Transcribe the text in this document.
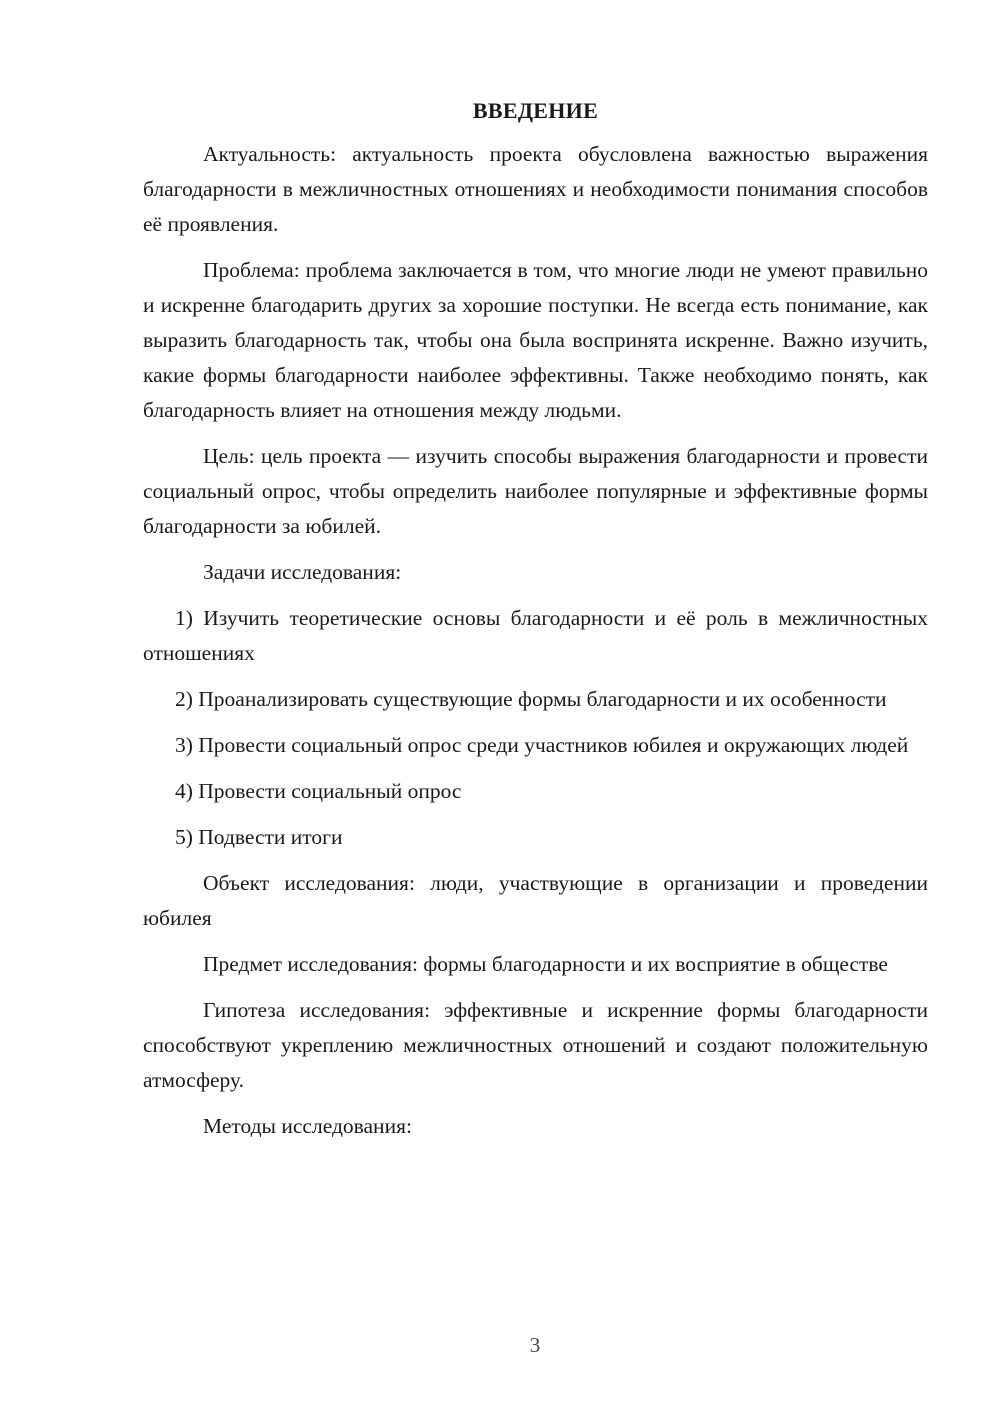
ВВЕДЕНИЕ

Актуальность: актуальность проекта обусловлена важностью выражения благодарности в межличностных отношениях и необходимости понимания способов её проявления.

Проблема: проблема заключается в том, что многие люди не умеют правильно и искренне благодарить других за хорошие поступки. Не всегда есть понимание, как выразить благодарность так, чтобы она была воспринята искренне. Важно изучить, какие формы благодарности наиболее эффективны. Также необходимо понять, как благодарность влияет на отношения между людьми.

Цель: цель проекта — изучить способы выражения благодарности и провести социальный опрос, чтобы определить наиболее популярные и эффективные формы благодарности за юбилей.

Задачи исследования:

1) Изучить теоретические основы благодарности и её роль в межличностных отношениях

2) Проанализировать существующие формы благодарности и их особенности

3) Провести социальный опрос среди участников юбилея и окружающих людей

4) Провести социальный опрос

5) Подвести итоги

Объект исследования: люди, участвующие в организации и проведении юбилея

Предмет исследования: формы благодарности и их восприятие в обществе

Гипотеза исследования: эффективные и искренние формы благодарности способствуют укреплению межличностных отношений и создают положительную атмосферу.

Методы исследования:

3
